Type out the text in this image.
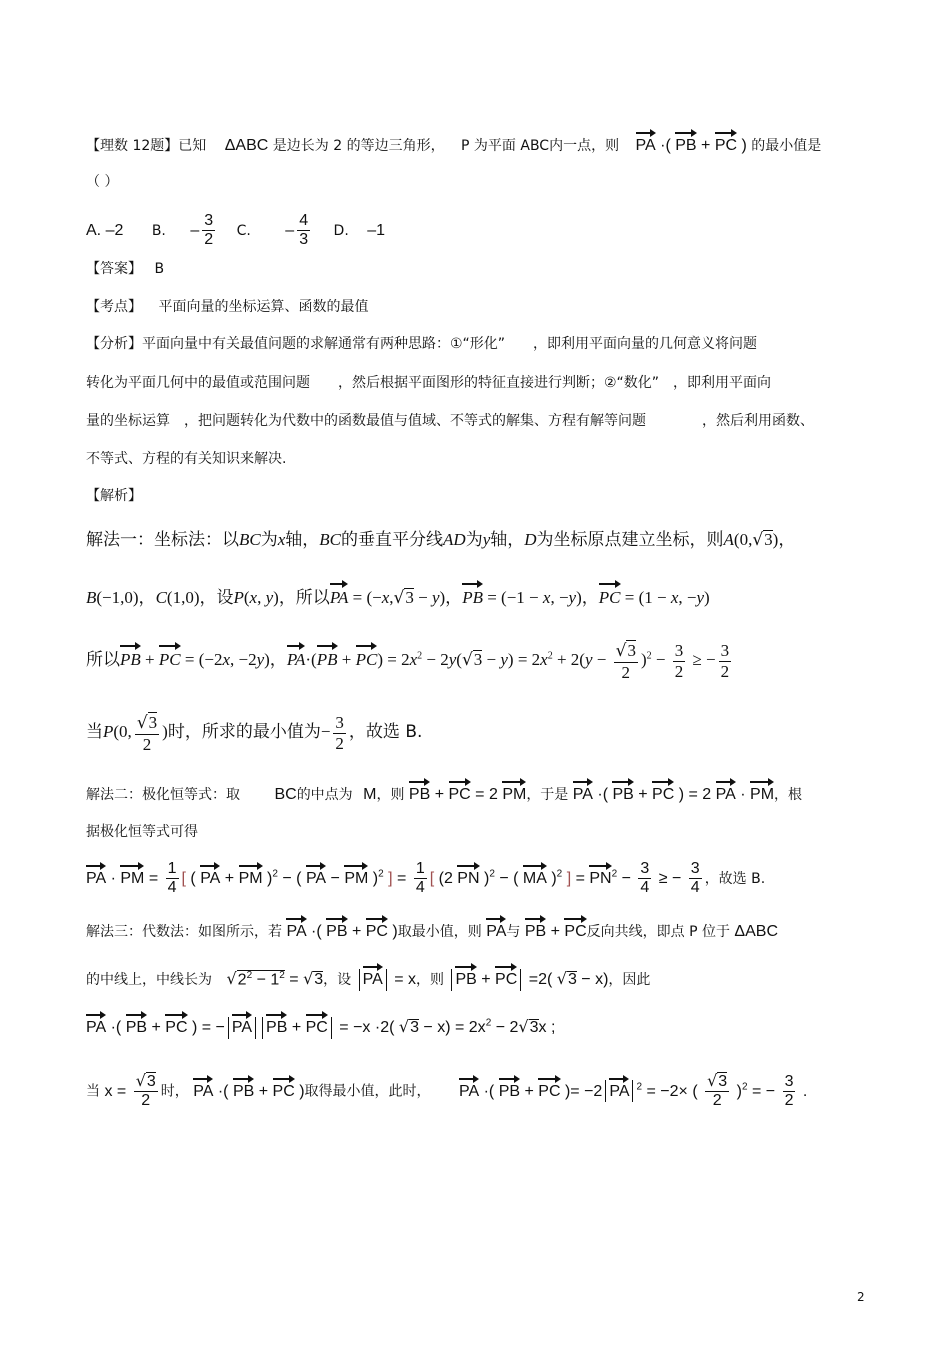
【理数 12题】已知 ΔABC 是边长为 2 的等边三角形， P 为平面 ABC内一点，则 PA ·( PB + PC ) 的最小值是
（ ）
A. –2 B. – $\frac{3}{2} C$. – $\frac{4}{3} D$. –1
【答案】 B
【考点】 平面向量的坐标运算、函数的最值
【分析】平面向量中有关最值问题的求解通常有两种思路：①“形化”　　，即利用平面向量的几何意义将问题
转化为平面几何中的最值或范围问题　　，然后根据平面图形的特征直接进行判断；②“数化”　，即利用平面向
量的坐标运算　，把问题转化为代数中的函数最值与值域、不等式的解集、方程有解等问题　　　　，然后利用函数、
不等式、方程的有关知识来解决.
【解析】
解法一：坐标法：以BC为x轴，BC的垂直平分线AD为y轴，D为坐标原点建立坐标，则A(0,√3)，
B(−1,0)，C(1,0)，设P(x, y)，所以PA = (−x,√3 − y)，PB = (−1 − x, −y)，PC = (1 − x, −y)
所以PB + PC = (−2x, −2y)，$PA\cdot(PB + PC) = 2x^2 - 2y(√3 - y) = 2x^2 + 2(y - \frac{√3}{2} )^2 - \frac{3}{2}$ ≥ − $\frac{3}{2}$
当P(0, $\frac{√3}{2}$ )时，所求的最小值为− $\frac{3}{2}$ ，故选 B.
解法二：极化恒等式：取 BC的中点为 M，则 PB + PC = 2 PM，于是 PA ·( PB + PC ) = 2 PA · PM，根
据极化恒等式可得
PA · PM = $\frac{1}{4}$ [ ( PA + PM )$^2$ − ( PA − PM )$^2$ ] = $\frac{1}{4}$ [ (2 PN )$^2$ − ( MA )$^2$ ] = $PN^2 - \frac{3}{4}$ ≥ − $\frac{3}{4}$ ，故选 B.
解法三：代数法：如图所示，若 PA ·( PB + PC )取最小值，则 PA与 PB + PC反向共线，即点 P 位于 ΔABC
的中线上，中线长为 $√2^2 - 1^2 = √3$，设 PA = x，则 PB + PC =2( √3 − x)，因此
PA ·( PB + PC ) = − PA PB + PC = −x ·2( $√3 - x) = 2x^2 - 2√3x$ ;
当 $x = \frac{√3}{2}$ 时， PA ·( PB + PC )取得最小值，此时， PA ·( PB + PC )= −2 PA $^2$ = −2× ( $\frac{√3}{2} )^2$ = − $\frac{3}{2}$ .
2
